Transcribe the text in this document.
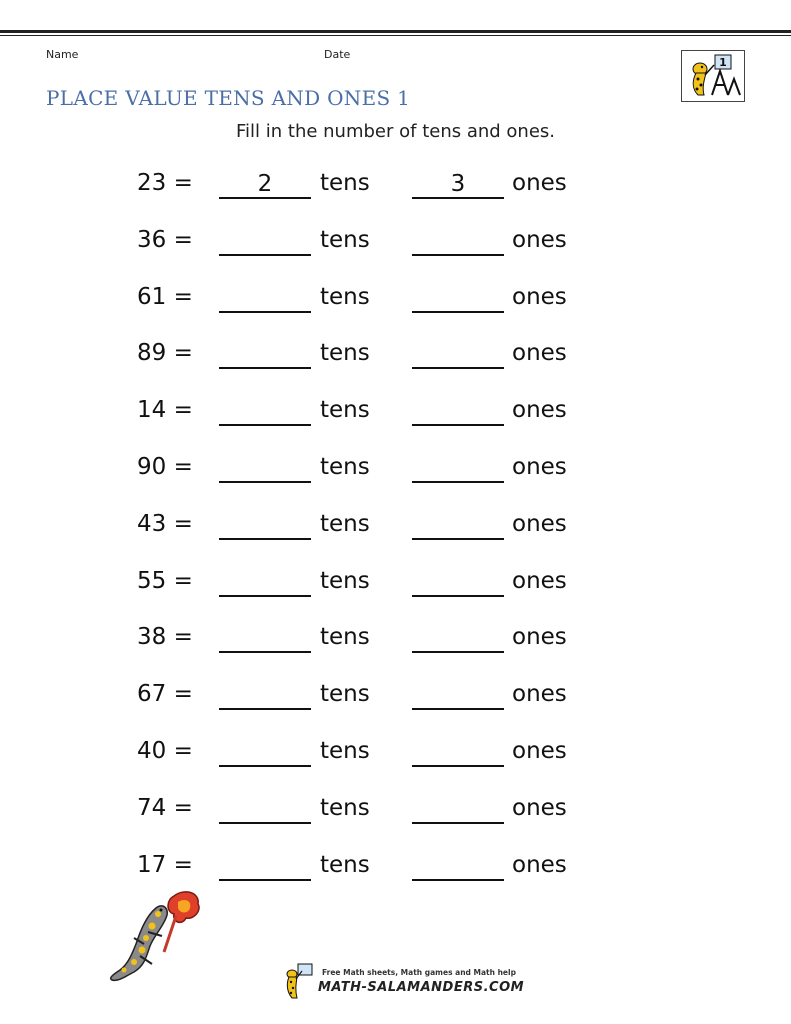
Name	Date
1
PLACE VALUE TENS AND ONES 1
Fill in the number of tens and ones.
23 =	2	tens	3	ones
36 =	tens	ones
61 =	tens	ones
89 =	tens	ones
14 =	tens	ones
90 =	tens	ones
43 =	tens	ones
55 =	tens	ones
38 =	tens	ones
67 =	tens	ones
40 =	tens	ones
74 =	tens	ones
17 =	tens	ones
Free Math sheets, Math games and Math help
MATH-SALAMANDERS.COM
